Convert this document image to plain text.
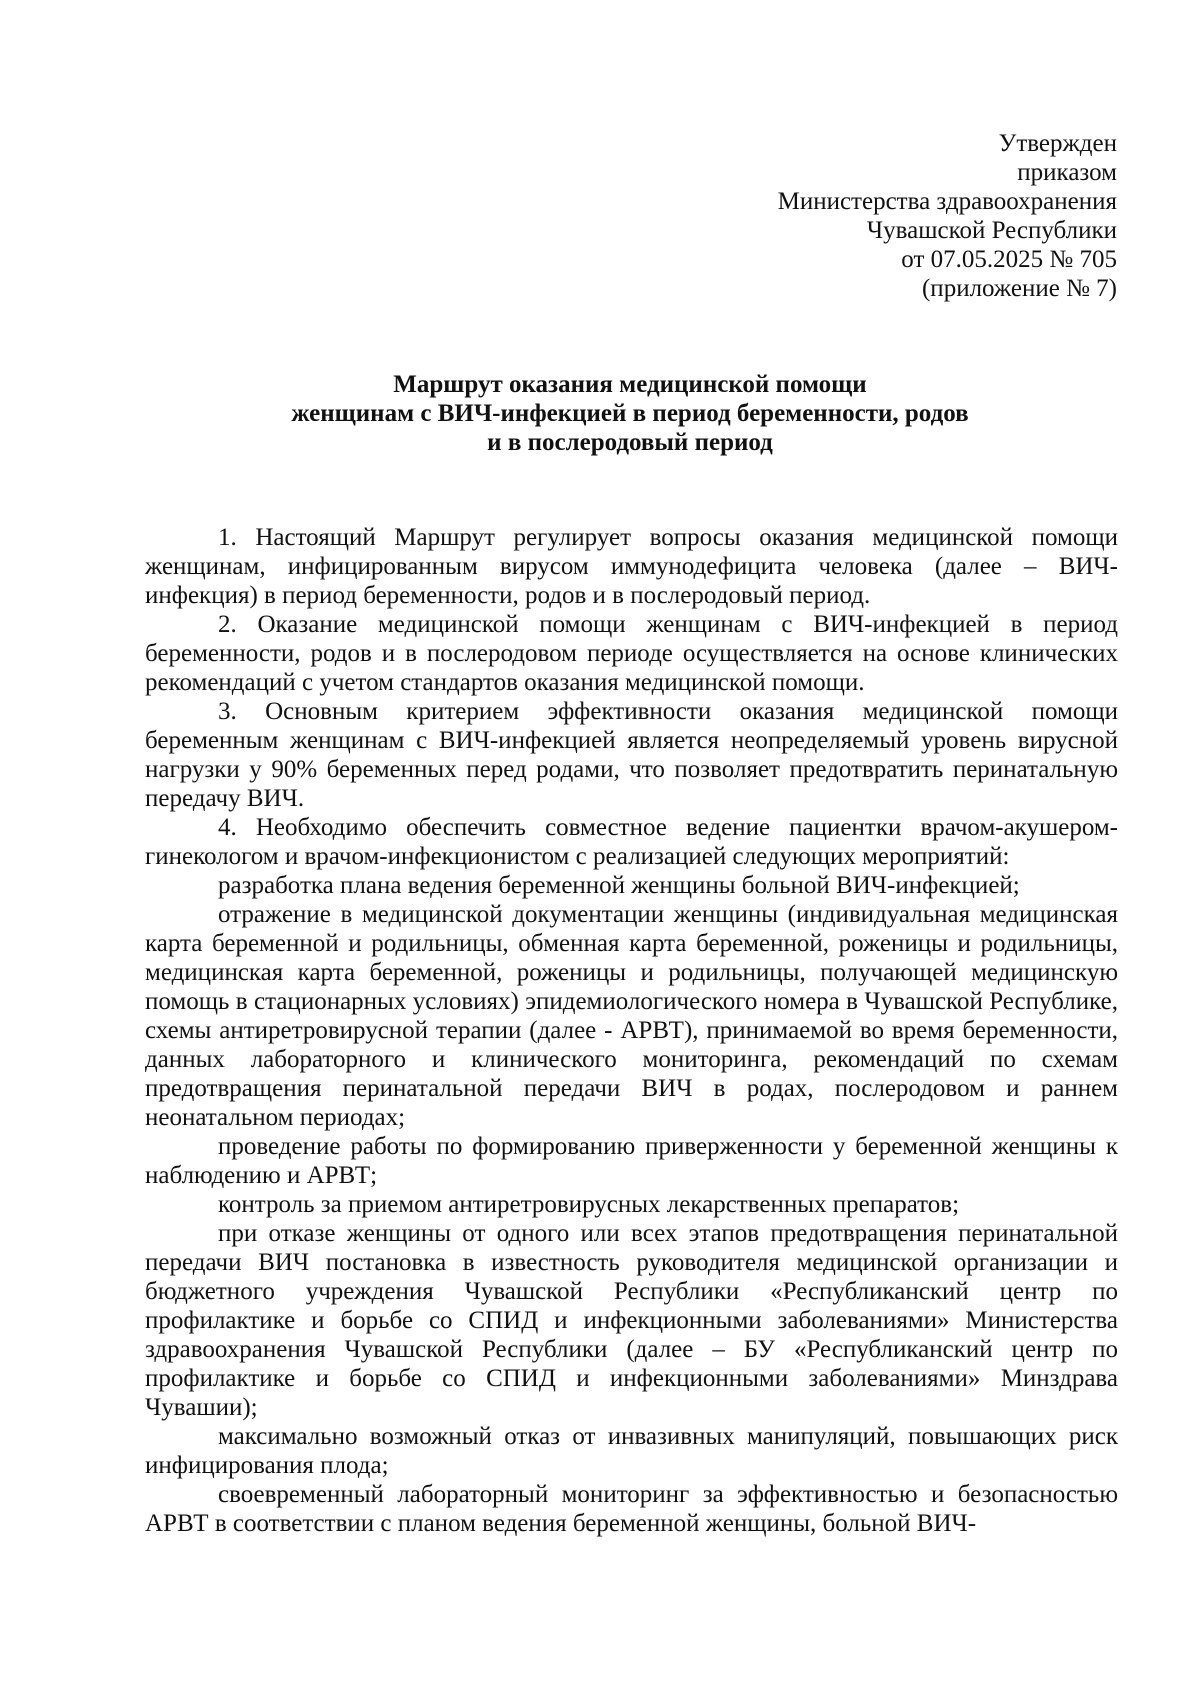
Утвержден
приказом
Министерства здравоохранения
Чувашской Республики
от 07.05.2025 № 705
(приложение № 7)
Маршрут оказания медицинской помощи
женщинам с ВИЧ-инфекцией в период беременности, родов
и в послеродовый период

1. Настоящий Маршрут регулирует вопросы оказания медицинской помощи женщинам, инфицированным вирусом иммунодефицита человека (далее – ВИЧ-инфекция) в период беременности, родов и в послеродовый период.

2. Оказание медицинской помощи женщинам с ВИЧ-инфекцией в период беременности, родов и в послеродовом периоде осуществляется на основе клинических рекомендаций с учетом стандартов оказания медицинской помощи.

3. Основным критерием эффективности оказания медицинской помощи беременным женщинам с ВИЧ-инфекцией является неопределяемый уровень вирусной нагрузки у 90% беременных перед родами, что позволяет предотвратить перинатальную передачу ВИЧ.

4. Необходимо обеспечить совместное ведение пациентки врачом-акушером-гинекологом и врачом-инфекционистом с реализацией следующих мероприятий:

разработка плана ведения беременной женщины больной ВИЧ-инфекцией;

отражение в медицинской документации женщины (индивидуальная медицинская карта беременной и родильницы, обменная карта беременной, роженицы и родильницы, медицинская карта беременной, роженицы и родильницы, получающей медицинскую помощь в стационарных условиях) эпидемиологического номера в Чувашской Республике, схемы антиретровирусной терапии (далее - АРВТ), принимаемой во время беременности, данных лабораторного и клинического мониторинга, рекомендаций по схемам предотвращения перинатальной передачи ВИЧ в родах, послеродовом и раннем неонатальном периодах;

проведение работы по формированию приверженности у беременной женщины к наблюдению и АРВТ;

контроль за приемом антиретровирусных лекарственных препаратов;

при отказе женщины от одного или всех этапов предотвращения перинатальной передачи ВИЧ постановка в известность руководителя медицинской организации и бюджетного учреждения Чувашской Республики «Республиканский центр по профилактике и борьбе со СПИД и инфекционными заболеваниями» Министерства здравоохранения Чувашской Республики (далее – БУ «Республиканский центр по профилактике и борьбе со СПИД и инфекционными заболеваниями» Минздрава Чувашии);

максимально возможный отказ от инвазивных манипуляций, повышающих риск инфицирования плода;

своевременный лабораторный мониторинг за эффективностью и безопасностью АРВТ в соответствии с планом ведения беременной женщины, больной ВИЧ-
